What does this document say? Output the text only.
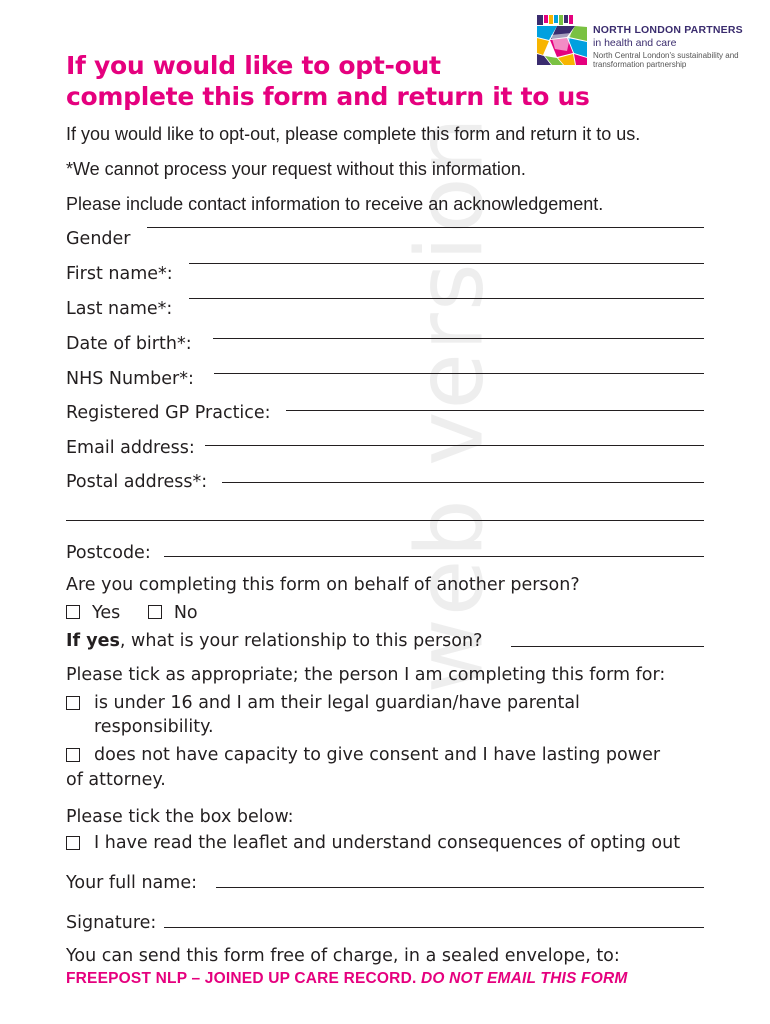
NORTH LONDON PARTNERS
in health and care
North Central London's sustainability and transformation partnership
If you would like to opt-out
complete this form and return it to us
web version
If you would like to opt-out, please complete this form and return it to us.
*We cannot process your request without this information.
Please include contact information to receive an acknowledgement.
Gender
First name*:
Last name*:
Date of birth*:
NHS Number*:
Registered GP Practice:
Email address:
Postal address*:
Postcode:
Are you completing this form on behalf of another person?
Yes	No
If yes, what is your relationship to this person?
Please tick as appropriate; the person I am completing this form for:
is under 16 and I am their legal guardian/have parental
responsibility.
does not have capacity to give consent and I have lasting power
of attorney.
Please tick the box below:
I have read the leaflet and understand consequences of opting out
Your full name:
Signature:
You can send this form free of charge, in a sealed envelope, to:
FREEPOST NLP – JOINED UP CARE RECORD. DO NOT EMAIL THIS FORM
